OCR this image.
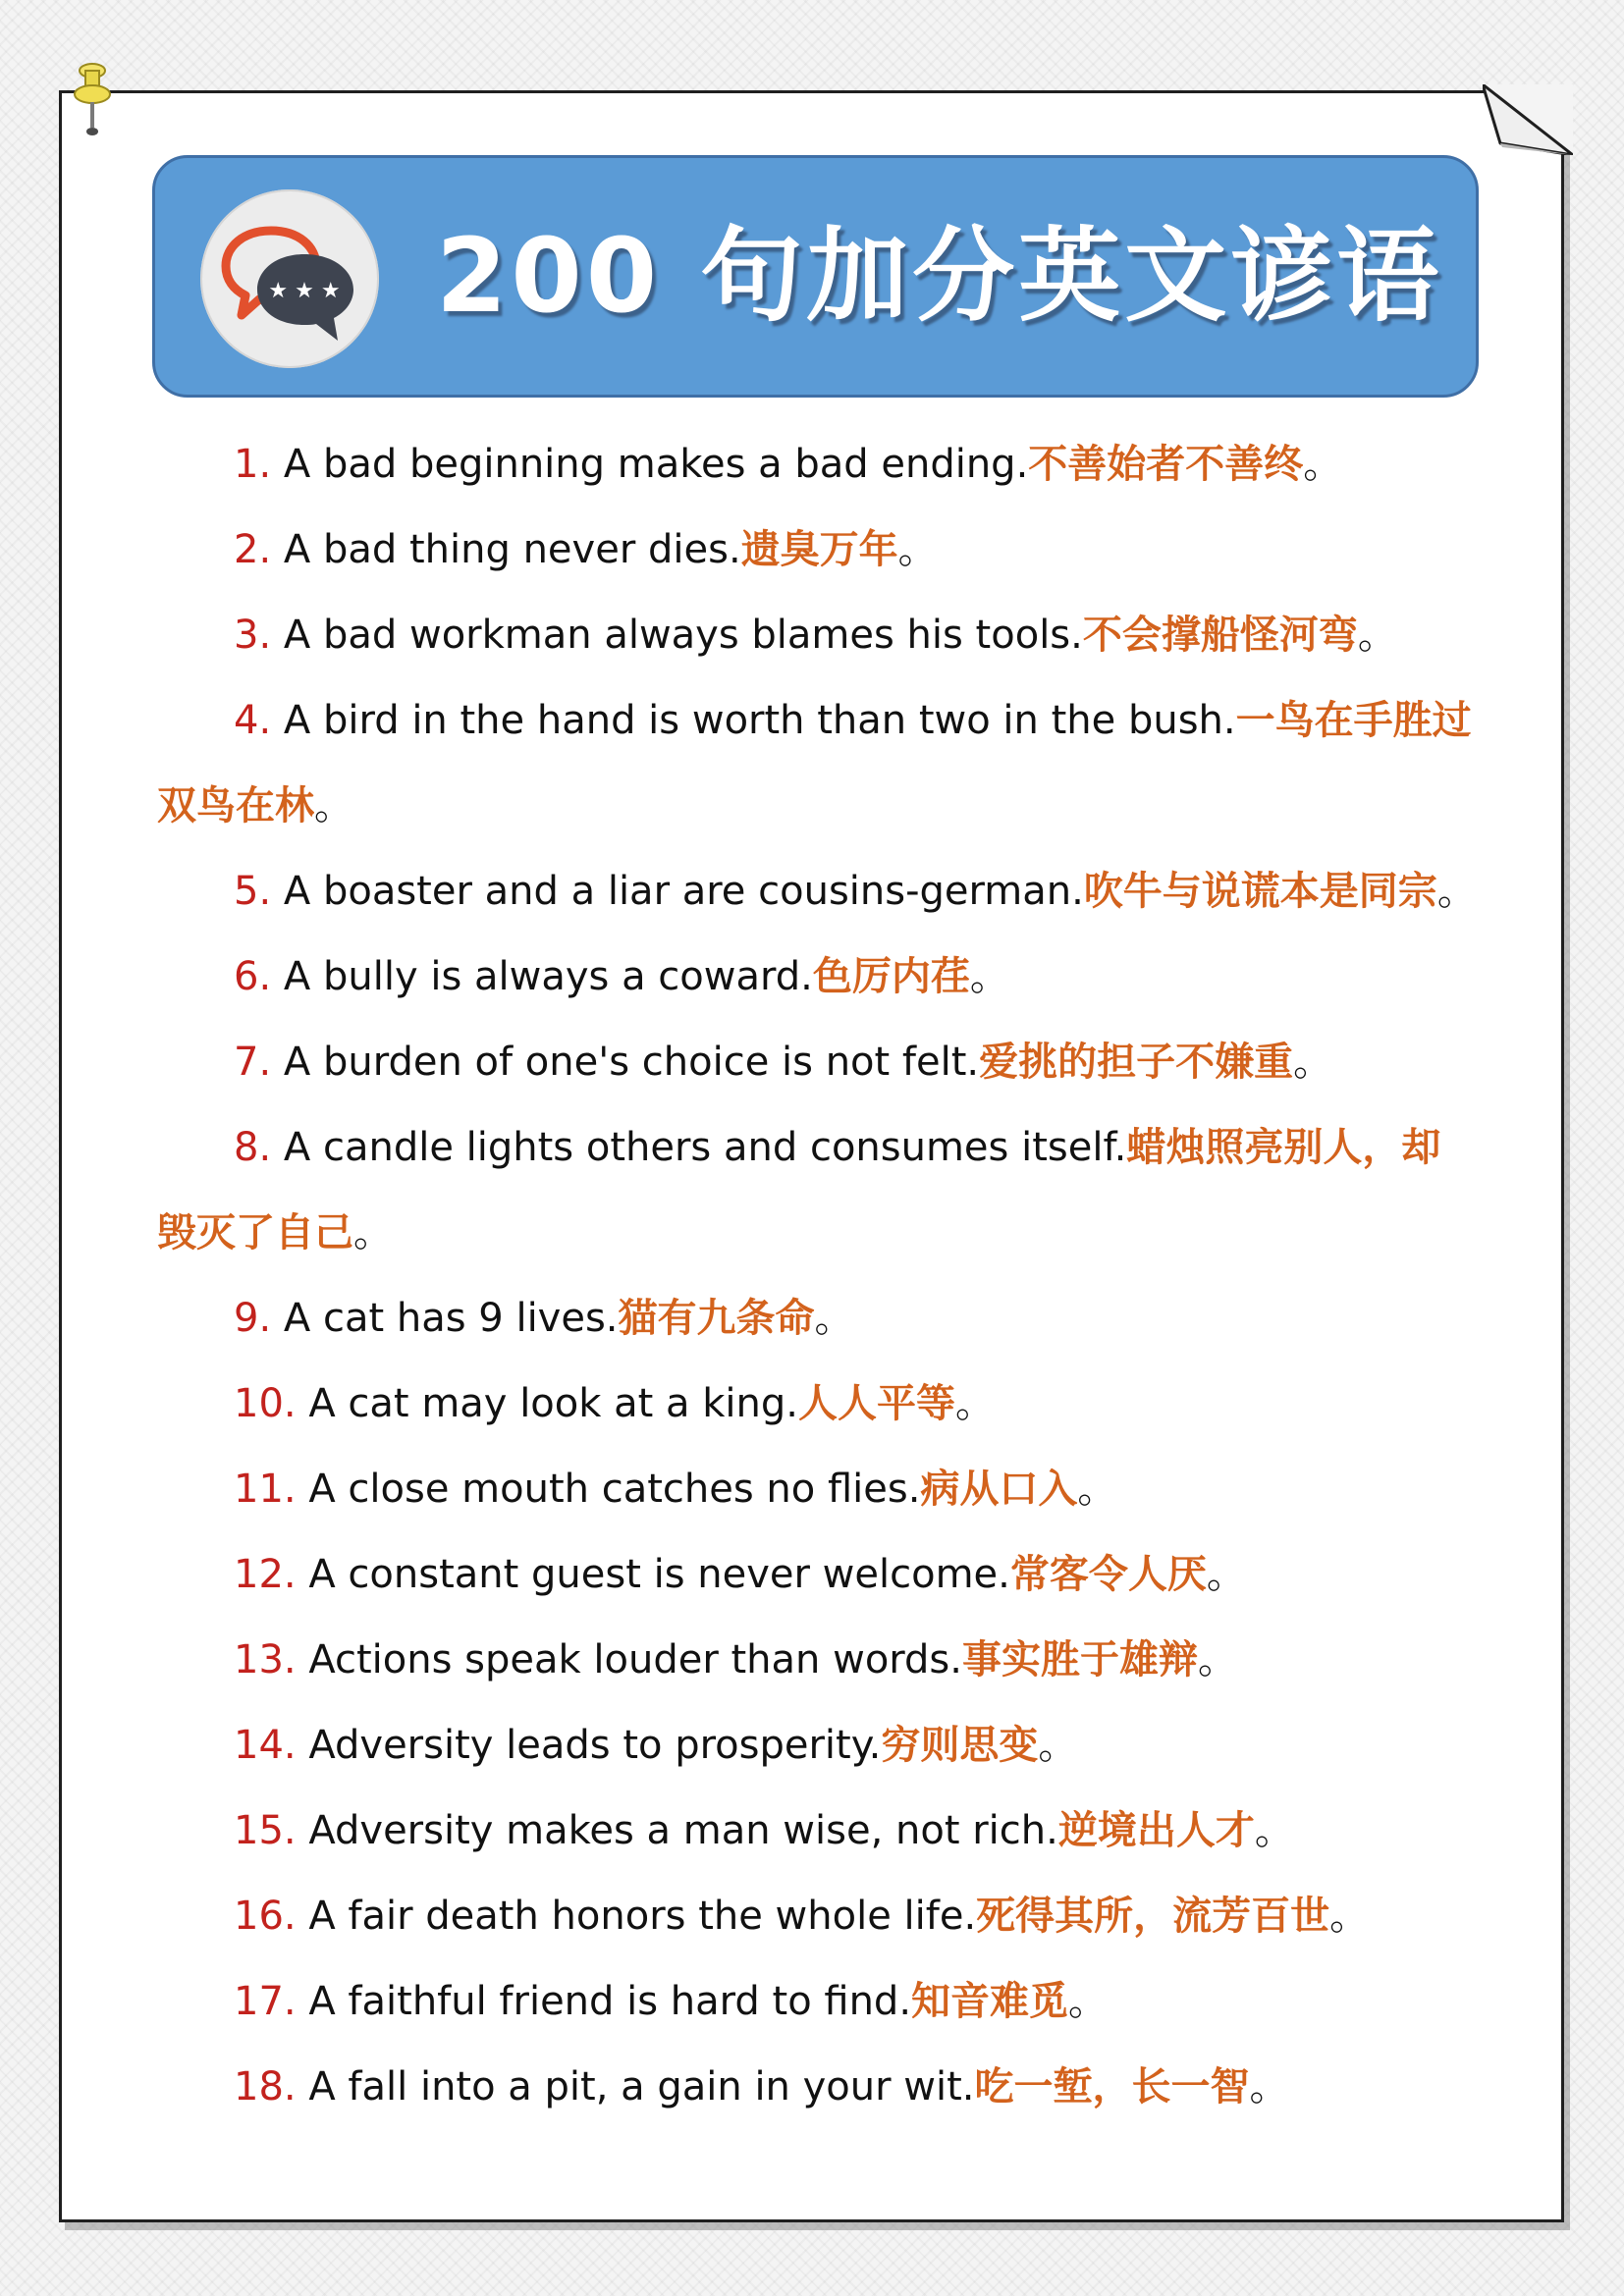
★ ★ ★ 200 句加分英文谚语
1. A bad beginning makes a bad ending.不善始者不善终。
2. A bad thing never dies.遗臭万年。
3. A bad workman always blames his tools.不会撑船怪河弯。
4. A bird in the hand is worth than two in the bush.一鸟在手胜过双鸟在林。
5. A boaster and a liar are cousins-german.吹牛与说谎本是同宗。
6. A bully is always a coward.色厉内荏。
7. A burden of one's choice is not felt.爱挑的担子不嫌重。
8. A candle lights others and consumes itself.蜡烛照亮别人，却毁灭了自己。
9. A cat has 9 lives.猫有九条命。
10. A cat may look at a king.人人平等。
11. A close mouth catches no flies.病从口入。
12. A constant guest is never welcome.常客令人厌。
13. Actions speak louder than words.事实胜于雄辩。
14. Adversity leads to prosperity.穷则思变。
15. Adversity makes a man wise, not rich.逆境出人才。
16. A fair death honors the whole life.死得其所，流芳百世。
17. A faithful friend is hard to find.知音难觅。
18. A fall into a pit, a gain in your wit.吃一堑，长一智。
